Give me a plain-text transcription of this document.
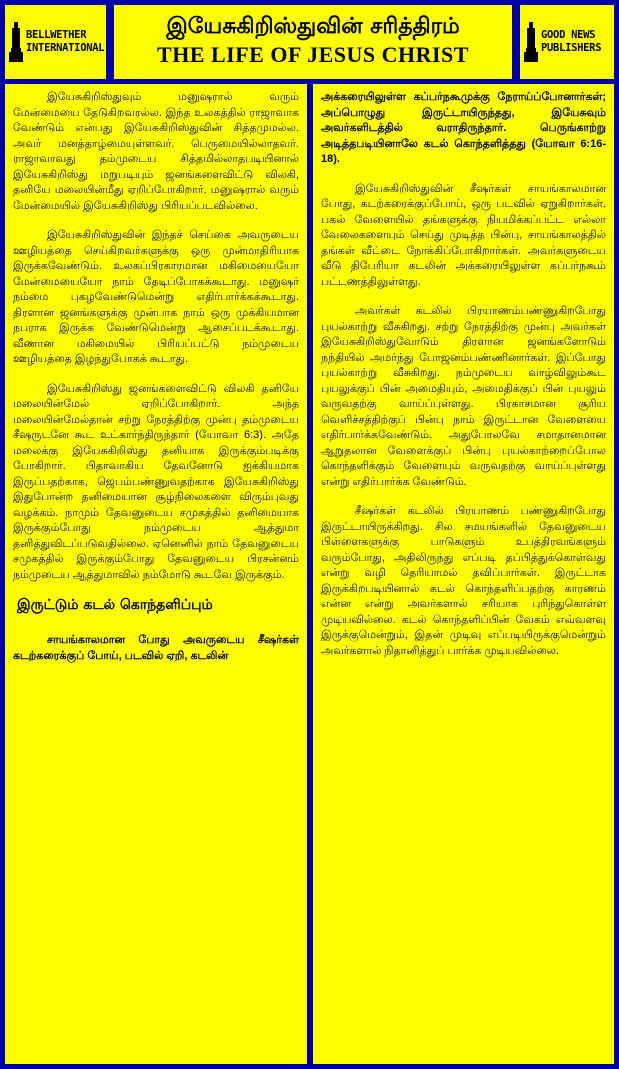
BELLWETHER
INTERNATIONAL
இயேசுகிறிஸ்துவின் சரித்திரம்
THE LIFE OF JESUS CHRIST
GOOD NEWS
PUBLISHERS

இயேசுகிறிஸ்துவும் மனுஷரால் வரும் மேன்மையை தேடுகிறவரல்ல. இந்த உலகத்தில் ராஜாவாக வேண்டும் என்பது இயேசுகிறிஸ்துவின் சித்தமுமல்ல. அவர் மனத்தாழ்மையுள்ளவர். பெருமையில்லாதவர். ராஜாவாவது தம்முடைய சித்தமில்லாதபடியினால் இயேசுகிறிஸ்து மறுபடியும் ஜனங்களைவிட்டு விலகி, தனியே மலையின்மீது ஏறிப்போகிறார். மனுஷரால் வரும் மேன்மையில் இயேசுகிறிஸ்து பிரியப்படவில்லை.

இயேசுகிறிஸ்துவின் இந்தச் செய்கை அவருடைய ஊழியத்தை செய்கிறவர்களுக்கு ஒரு முன்மாதிரியாக இருக்கவேண்டும். உலகப்பிரகாரமான மகிமையையோ மேன்மையையோ நாம் தேடிப்போகக்கூடாது. மனுஷர் நம்மை புகழவேண்டுமென்று எதிர்பார்க்கக்கூடாது. திரளான ஜனங்களுக்கு முன்பாக நாம் ஒரு முக்கியமான நபராக இருக்க வேண்டுமென்று ஆசைப்படக்கூடாது. வீணான மகிமையில் பிரியப்பட்டு நம்முடைய ஊழியத்தை இழந்துபோகக் கூடாது.

இயேசுகிறிஸ்து ஜனங்களைவிட்டு விலகி தனியே மலையின்மேல் ஏறிப்போகிறார். அந்த மலையின்மேல்தான் சற்று நேரத்திற்கு முன்பு தம்முடைய சீஷருடனே கூட உட்கார்ந்திருந்தார் (யோவா 6:3). அதே மலைக்கு இயேசுகிறிஸ்து தனியாக இருக்கும்படிக்கு போகிறார். பிதாவாகிய தேவனோடு ஐக்கியமாக இருப்பதற்காக, ஜெபம்பண்ணுவதற்காக இயேசுகிறிஸ்து இதுபோன்ற தனிமையான சூழ்நிலைகளை விரும்புவது வழக்கம். நாமும் தேவனுடைய சமுகத்தில் தனிமையாக இருக்கும்போது நம்முடைய ஆத்துமா தனித்துவிடப்படுவதில்லை. ஏனெனில் நாம் தேவனுடைய சமுகத்தில் இருக்கும்போது தேவனுடைய பிரசன்னம் நம்முடைய ஆத்துமாவில் நம்மோடு கூடவே இருக்கும்.

இருட்டும் கடல் கொந்தளிப்பும்

சாயங்காலமான போது அவருடைய சீஷர்கள் கடற்கரைக்குப் போய், படவில் ஏறி, கடலின்

அக்கரையிலுள்ள கப்பர்நகூமுக்கு நேராய்ப்போனார்கள்; அப்பொழுது இருட்டாயிருந்தது, இயேசுவும் அவர்களிடத்தில் வராதிருந்தார். பெருங்காற்று அடித்தபடியினாலே கடல் கொந்தளித்தது (யோவா 6:16-18).

இயேசுகிறிஸ்துவின் சீஷர்கள் சாயங்காலமான போது, கடற்கரைக்குப்போய், ஒரு படவில் ஏறுகிறார்கள். பகல் வேளையில் தங்களுக்கு நியமிக்கப்பட்ட எல்லா வேலைகளையும் செய்து முடித்த பின்பு, சாயங்காலத்தில் தங்கள் வீட்டை நோக்கிப்போகிறார்கள். அவர்களுடைய வீடு திபேரியா கடலின் அக்கரையிலுள்ள கப்பர்நகூம் பட்டணத்திலுள்ளது.

அவர்கள் கடலில் பிரயாணம்பண்ணுகிறபோது புயல்காற்று வீசுகிறது. சற்று நேரத்திற்கு முன்பு அவர்கள் இயேசுகிறிஸ்துவோடும் திரளான ஜனங்களோடும் நந்தியில் அமர்ந்து போஜனம்பண்ணினார்கள். இப்போது புயல்காற்று வீசுகிறது. நம்முடைய வாழ்விலும்கூட புயலுக்குப் பின் அமைதியும், அமைதிக்குப் பின் புயலும் வருவதற்கு வாய்ப்புள்ளது. பிரகாசமான சூரிய வெளிச்சத்திற்குப் பின்பு நாம் இருட்டான வேளையை எதிர்பார்க்கவேண்டும். அதுபோலவே சமாதானமான ஆறுதலான வேளைக்குப் பின்பு புயல்காற்றைப்போல கொந்தளிக்கும் வேளையும் வருவதற்கு வாய்ப்புள்ளது என்று எதிர்பார்க்க வேண்டும்.

சீஷர்கள் கடலில் பிரயாணம் பண்ணுகிறபோது இருட்டாயிருக்கிறது. சில சமயங்களில் தேவனுடைய பிள்ளைகளுக்கு பாடுகளும் உபத்திரவங்களும் வரும்போது, அதிலிருந்து எப்படி தப்பித்துக்கொள்வது என்று வழி தெரியாமல் தவிப்பார்கள். இருட்டாக இருக்கிறபடியினால் கடல் கொந்தளிப்பதற்கு காரணம் என்ன என்று அவர்களால் சரியாக புரிந்துகொள்ள முடியவில்லை. கடல் கொந்தளிப்பின் வேகம் எவ்வளவு இருக்குமென்றும், இதன் முடிவு எப்படியிருக்குமென்றும் அவர்களால் நிதானித்துப் பார்க்க முடியவில்லை.
